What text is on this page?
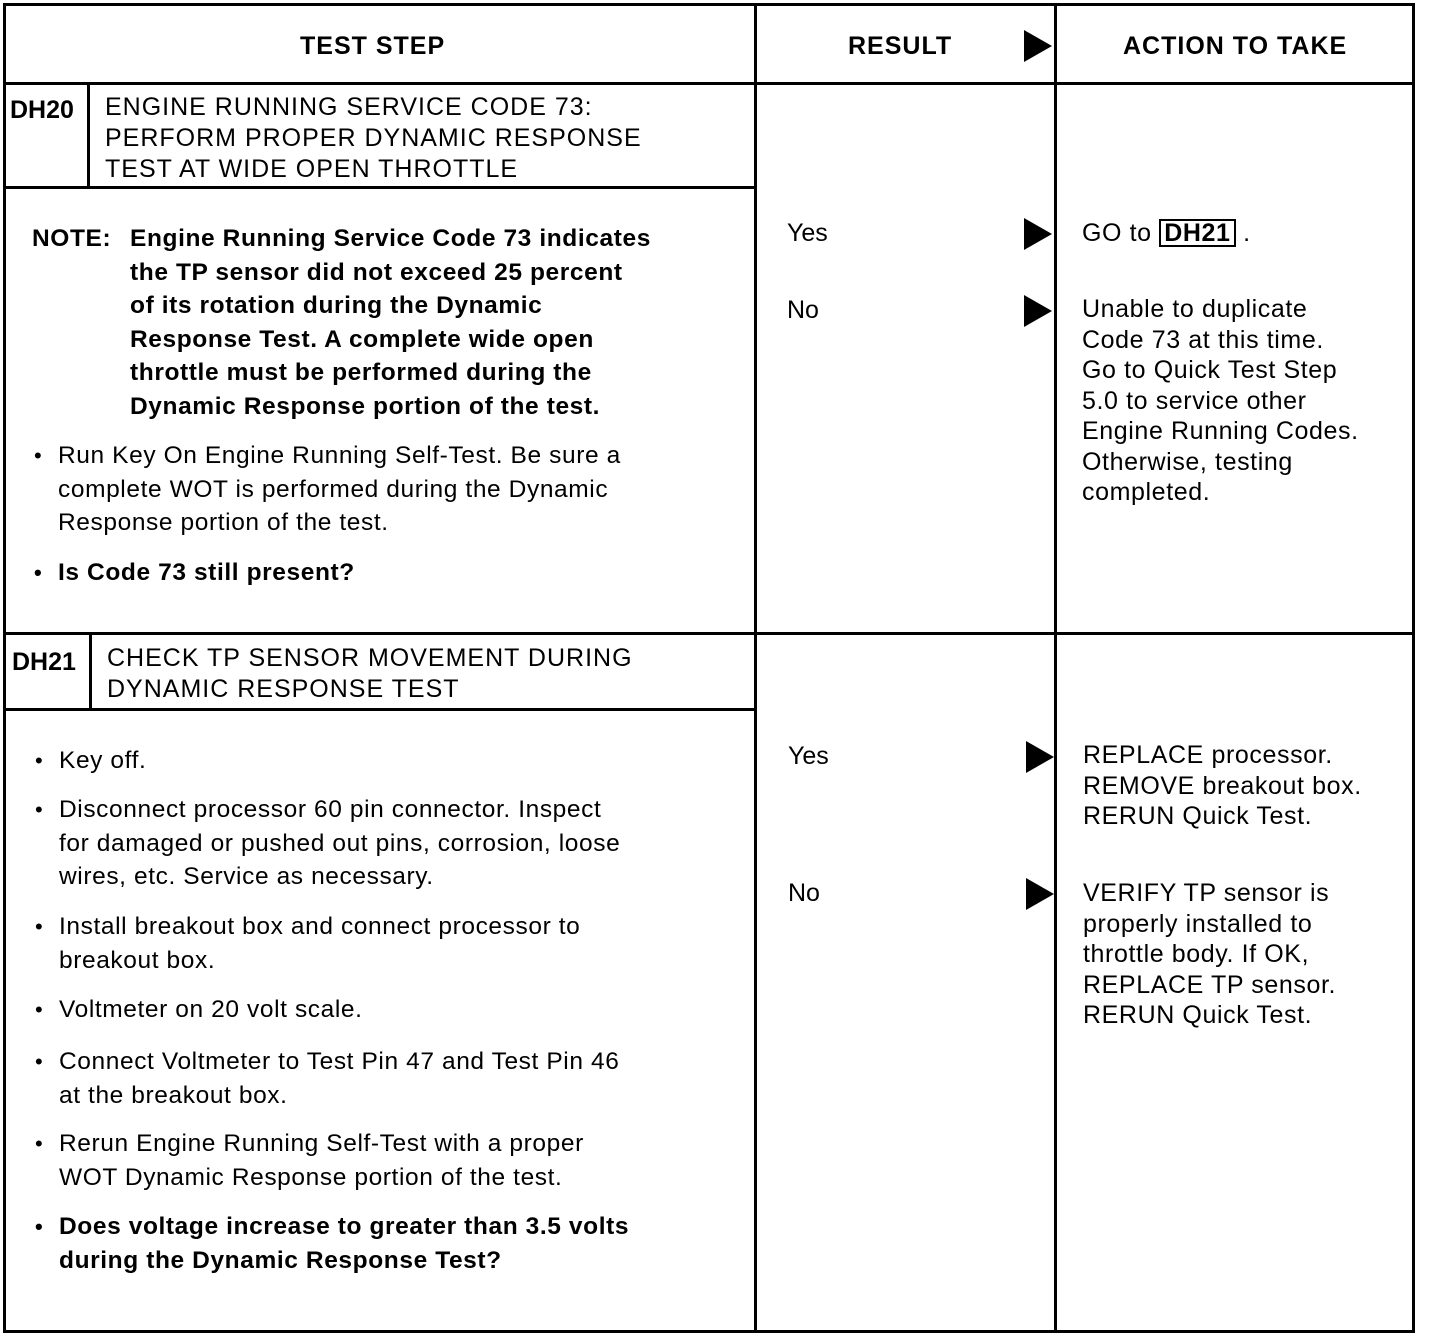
TEST STEP	RESULT	ACTION TO TAKE
DH20 ENGINE RUNNING SERVICE CODE 73:
PERFORM PROPER DYNAMIC RESPONSE
TEST AT WIDE OPEN THROTTLE
NOTE: Engine Running Service Code 73 indicates
the TP sensor did not exceed 25 percent
of its rotation during the Dynamic
Response Test. A complete wide open
throttle must be performed during the
Dynamic Response portion of the test.
• Run Key On Engine Running Self-Test. Be sure a
complete WOT is performed during the Dynamic
Response portion of the test.
• Is Code 73 still present?
Yes	GO to DH21 .
No	Unable to duplicate
Code 73 at this time.
Go to Quick Test Step
5.0 to service other
Engine Running Codes.
Otherwise, testing
completed.
DH21 CHECK TP SENSOR MOVEMENT DURING
DYNAMIC RESPONSE TEST
• Key off.
• Disconnect processor 60 pin connector. Inspect
for damaged or pushed out pins, corrosion, loose
wires, etc. Service as necessary.
• Install breakout box and connect processor to
breakout box.
• Voltmeter on 20 volt scale.
• Connect Voltmeter to Test Pin 47 and Test Pin 46
at the breakout box.
• Rerun Engine Running Self-Test with a proper
WOT Dynamic Response portion of the test.
• Does voltage increase to greater than 3.5 volts
during the Dynamic Response Test?
Yes	REPLACE processor.
REMOVE breakout box.
RERUN Quick Test.
No	VERIFY TP sensor is
properly installed to
throttle body. If OK,
REPLACE TP sensor.
RERUN Quick Test.
